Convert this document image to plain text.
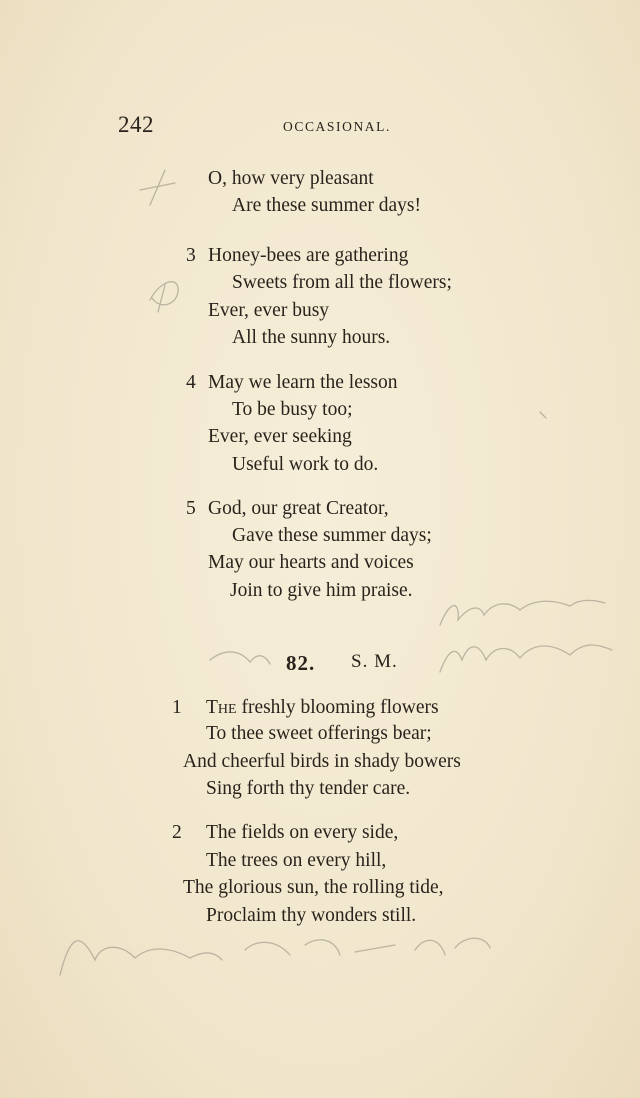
242	OCCASIONAL.
O, how very pleasant
Are these summer days!
3 Honey-bees are gathering
Sweets from all the flowers;
Ever, ever busy
All the sunny hours.
4 May we learn the lesson
To be busy too;
Ever, ever seeking
Useful work to do.
5 God, our great Creator,
Gave these summer days;
May our hearts and voices
Join to give him praise.
82. S. M.
1 The freshly blooming flowers
To thee sweet offerings bear;
And cheerful birds in shady bowers
Sing forth thy tender care.
2 The fields on every side,
The trees on every hill,
The glorious sun, the rolling tide,
Proclaim thy wonders still.
